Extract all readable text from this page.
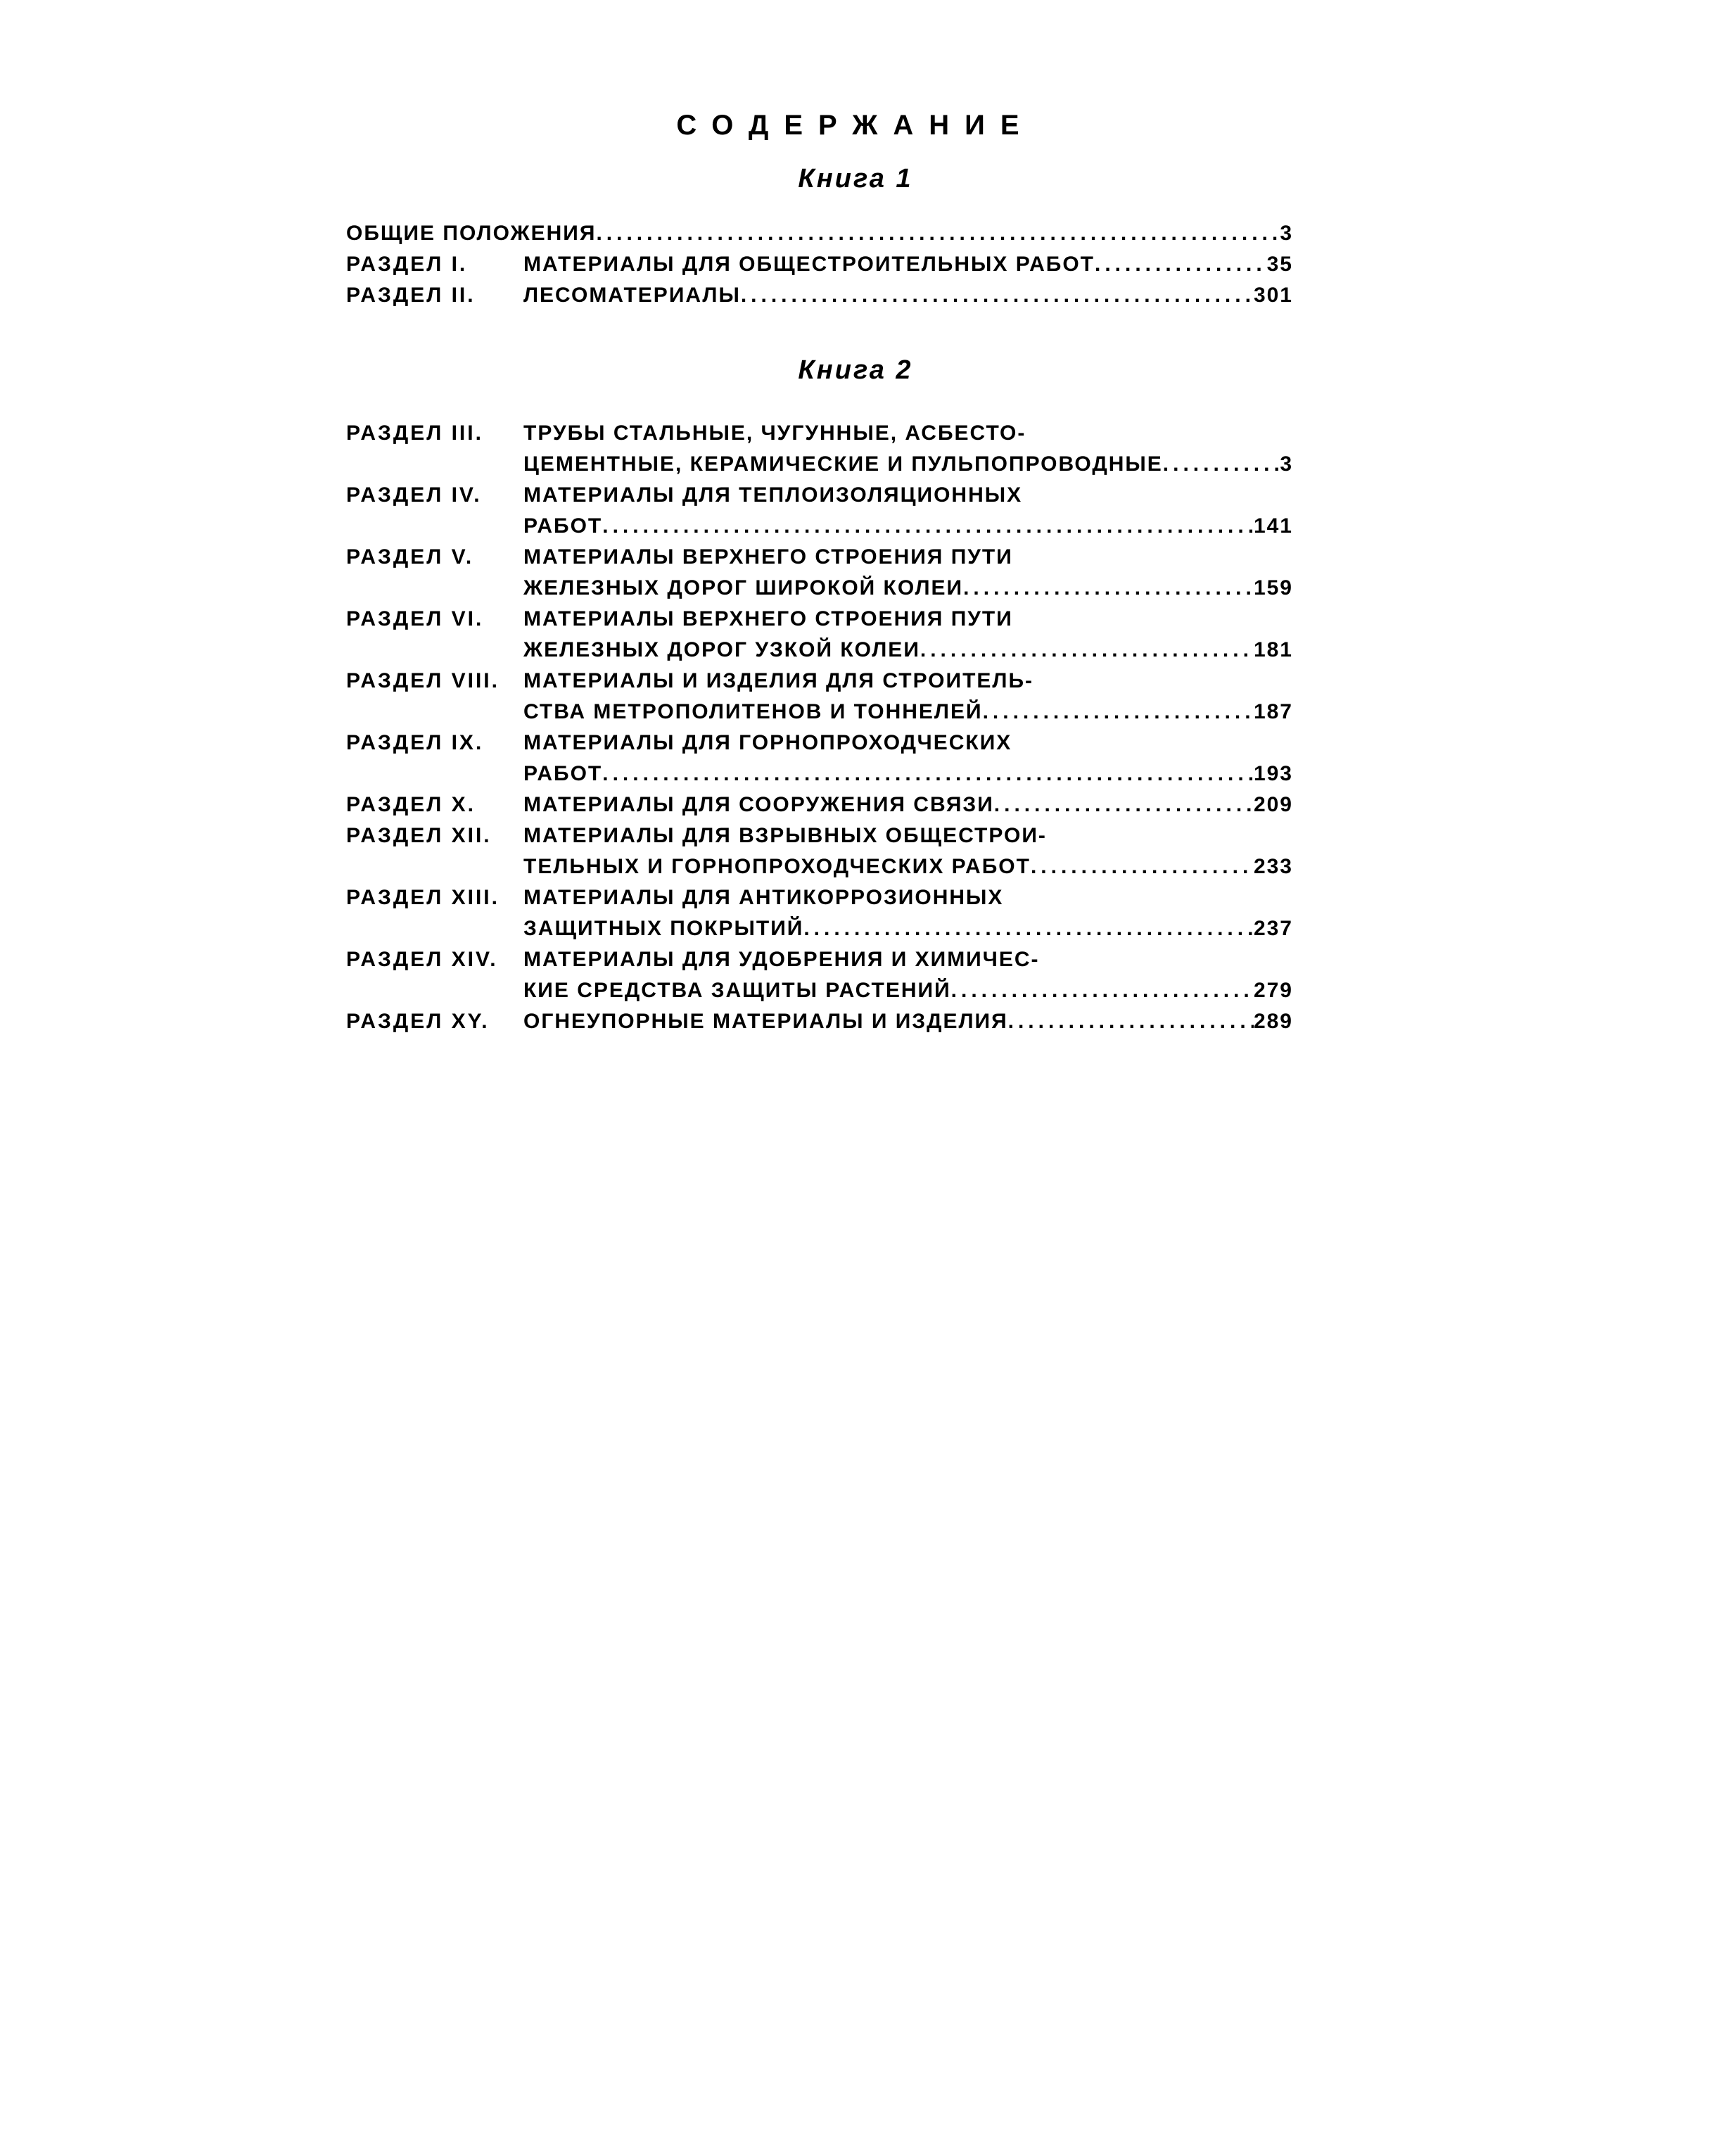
СОДЕРЖАНИЕ
Книга 1
ОБЩИЕ ПОЛОЖЕНИЯ .....	3
РАЗДЕЛ I.	МАТЕРИАЛЫ ДЛЯ ОБЩЕСТРОИТЕЛЬНЫХ РАБОТ .....	35
РАЗДЕЛ II.	ЛЕСОМАТЕРИАЛЫ .....	301
Книга 2
РАЗДЕЛ III.	ТРУБЫ СТАЛЬНЫЕ, ЧУГУННЫЕ, АСБЕСТО-
ЦЕМЕНТНЫЕ, КЕРАМИЧЕСКИЕ И ПУЛЬПОПРОВОДНЫЕ .....	3
РАЗДЕЛ IV.	МАТЕРИАЛЫ ДЛЯ ТЕПЛОИЗОЛЯЦИОННЫХ
РАБОТ .....	141
РАЗДЕЛ V.	МАТЕРИАЛЫ ВЕРХНЕГО СТРОЕНИЯ ПУТИ
ЖЕЛЕЗНЫХ ДОРОГ ШИРОКОЙ КОЛЕИ .....	159
РАЗДЕЛ VI.	МАТЕРИАЛЫ ВЕРХНЕГО СТРОЕНИЯ ПУТИ
ЖЕЛЕЗНЫХ ДОРОГ УЗКОЙ КОЛЕИ .....	181
РАЗДЕЛ VIII.	МАТЕРИАЛЫ И ИЗДЕЛИЯ ДЛЯ СТРОИТЕЛЬ-
СТВА МЕТРОПОЛИТЕНОВ И ТОННЕЛЕЙ .....	187
РАЗДЕЛ IX.	МАТЕРИАЛЫ ДЛЯ ГОРНОПРОХОДЧЕСКИХ
РАБОТ .....	193
РАЗДЕЛ X.	МАТЕРИАЛЫ ДЛЯ СООРУЖЕНИЯ СВЯЗИ .....	209
РАЗДЕЛ XII.	МАТЕРИАЛЫ ДЛЯ ВЗРЫВНЫХ ОБЩЕСТРОИ-
ТЕЛЬНЫХ И ГОРНОПРОХОДЧЕСКИХ РАБОТ .....	233
РАЗДЕЛ XIII.	МАТЕРИАЛЫ ДЛЯ АНТИКОРРОЗИОННЫХ
ЗАЩИТНЫХ ПОКРЫТИЙ .....	237
РАЗДЕЛ XIV.	МАТЕРИАЛЫ ДЛЯ УДОБРЕНИЯ И ХИМИЧЕС-
КИЕ СРЕДСТВА ЗАЩИТЫ РАСТЕНИЙ .....	279
РАЗДЕЛ XY.	ОГНЕУПОРНЫЕ МАТЕРИАЛЫ И ИЗДЕЛИЯ .....	289
